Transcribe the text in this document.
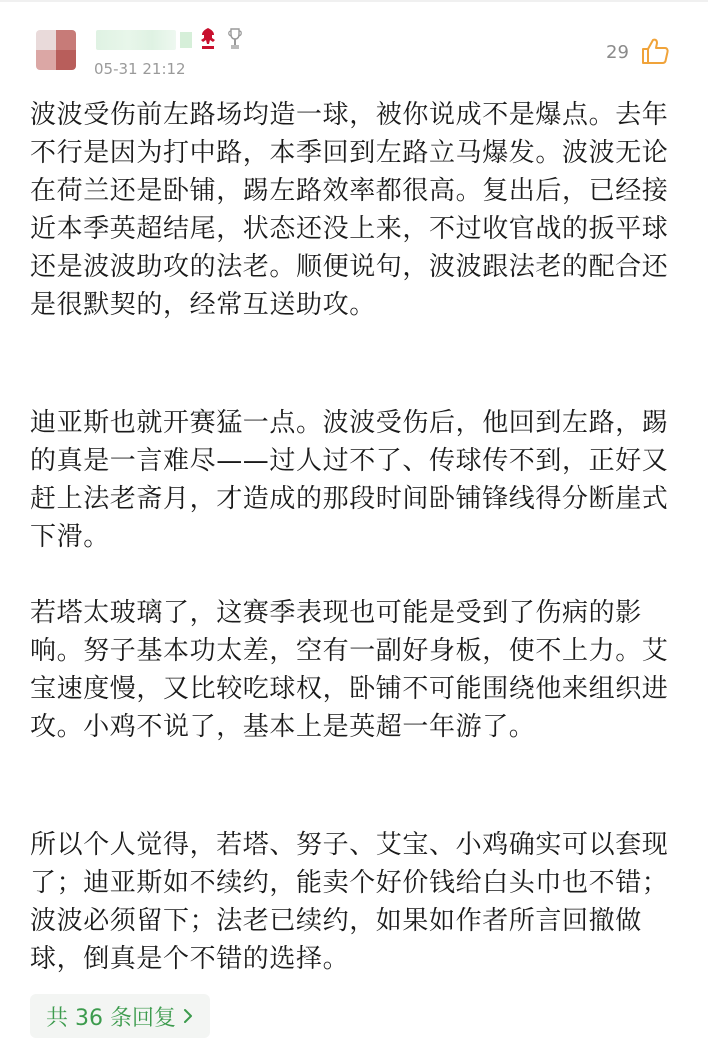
05-31 21:12
29

波波受伤前左路场均造一球，被你说成不是爆点。去年不行是因为打中路，本季回到左路立马爆发。波波无论在荷兰还是卧铺，踢左路效率都很高。复出后，已经接近本季英超结尾，状态还没上来，不过收官战的扳平球还是波波助攻的法老。顺便说句，波波跟法老的配合还是很默契的，经常互送助攻。

迪亚斯也就开赛猛一点。波波受伤后，他回到左路，踢的真是一言难尽——过人过不了、传球传不到，正好又赶上法老斋月，才造成的那段时间卧铺锋线得分断崖式下滑。

若塔太玻璃了，这赛季表现也可能是受到了伤病的影响。努子基本功太差，空有一副好身板，使不上力。艾宝速度慢，又比较吃球权，卧铺不可能围绕他来组织进攻。小鸡不说了，基本上是英超一年游了。

所以个人觉得，若塔、努子、艾宝、小鸡确实可以套现了；迪亚斯如不续约，能卖个好价钱给白头巾也不错；波波必须留下；法老已续约，如果如作者所言回撤做球，倒真是个不错的选择。

共 36 条回复
